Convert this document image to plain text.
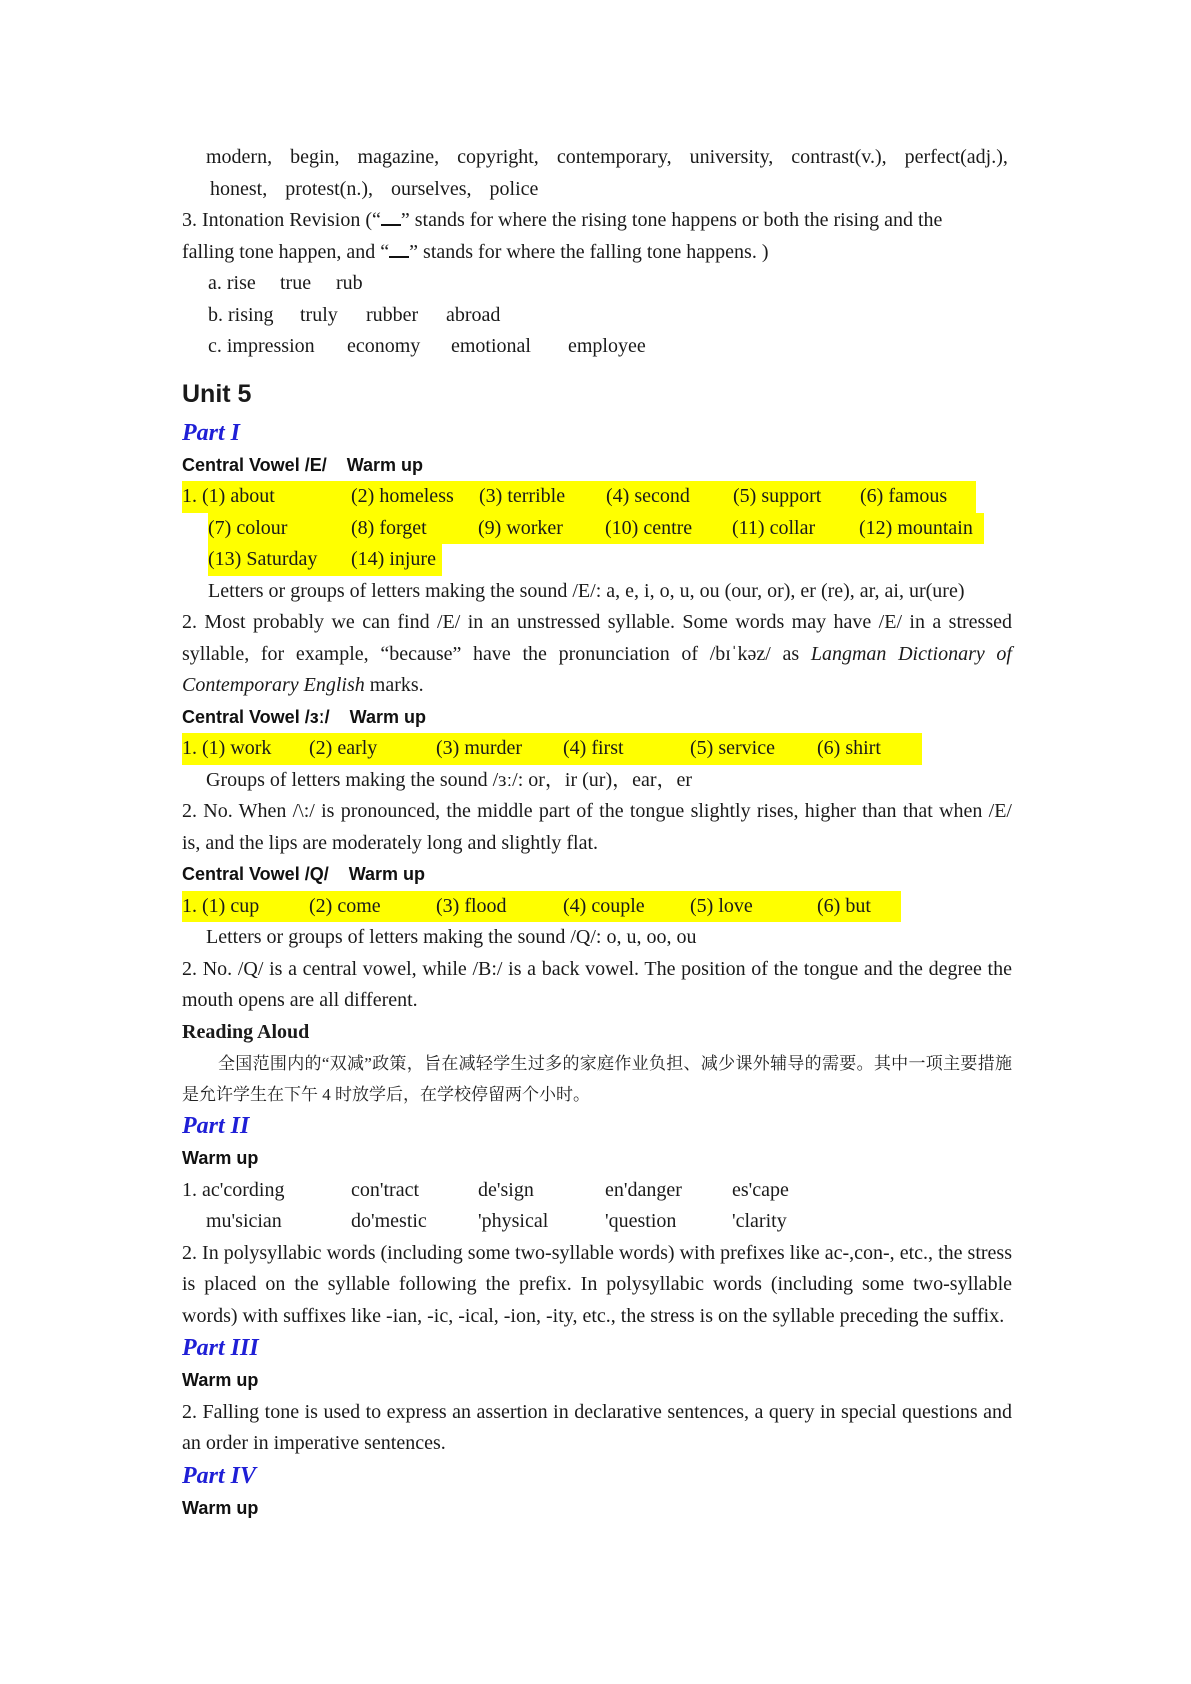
modern, begin, magazine, copyright, contemporary, university, contrast(v.), perfect(adj.),
honest, protest(n.), ourselves, police
3. Intonation Revision (“ ” stands for where the rising tone happens or both the rising and the
falling tone happen, and “ ” stands for where the falling tone happens. )
a. rise true rub
b. rising truly rubber abroad
c. impression economy emotional employee
Unit 5
Part I
Central Vowel /E/    Warm up
1. (1) about	(2) homeless (3) terrible (4) second (5) support (6) famous
(7) colour	(8) forget	(9) worker (10) centre (11) collar (12) mountain
(13) Saturday (14) injure
Letters or groups of letters making the sound /E/: a, e, i, o, u, ou (our, or), er (re), ar, ai, ur(ure)
2. Most probably we can find /E/ in an unstressed syllable. Some words may have /E/ in a stressed syllable, for example, “because” have the pronunciation of /bɪˈkəz/ as Langman Dictionary of Contemporary English marks.
Central Vowel /ɜː/    Warm up
1. (1) work (2) early	(3) murder (4) first	(5) service (6) shirt
Groups of letters making the sound /ɜː/: or，ir (ur)，ear，er
2. No. When /\:/ is pronounced, the middle part of the tongue slightly rises, higher than that when /E/ is, and the lips are moderately long and slightly flat.
Central Vowel /Q/    Warm up
1. (1) cup (2) come	(3) flood	(4) couple (5) love	(6) but
Letters or groups of letters making the sound /Q/: o, u, oo, ou
2. No. /Q/ is a central vowel, while /B:/ is a back vowel. The position of the tongue and the degree the mouth opens are all different.
Reading Aloud
全国范围内的“双减”政策，旨在减轻学生过多的家庭作业负担、减少课外辅导的需要。其中一项主要措施是允许学生在下午 4 时放学后，在学校停留两个小时。
Part II
Warm up
1. ac'cording	con'tract	de'sign	en'danger	es'cape
mu'sician	do'mestic	'physical	'question	'clarity
2. In polysyllabic words (including some two-syllable words) with prefixes like ac-,con-, etc., the stress is placed on the syllable following the prefix. In polysyllabic words (including some two-syllable words) with suffixes like -ian, -ic, -ical, -ion, -ity, etc., the stress is on the syllable preceding the suffix.
Part III
Warm up
2. Falling tone is used to express an assertion in declarative sentences, a query in special questions and an order in imperative sentences.
Part IV
Warm up
